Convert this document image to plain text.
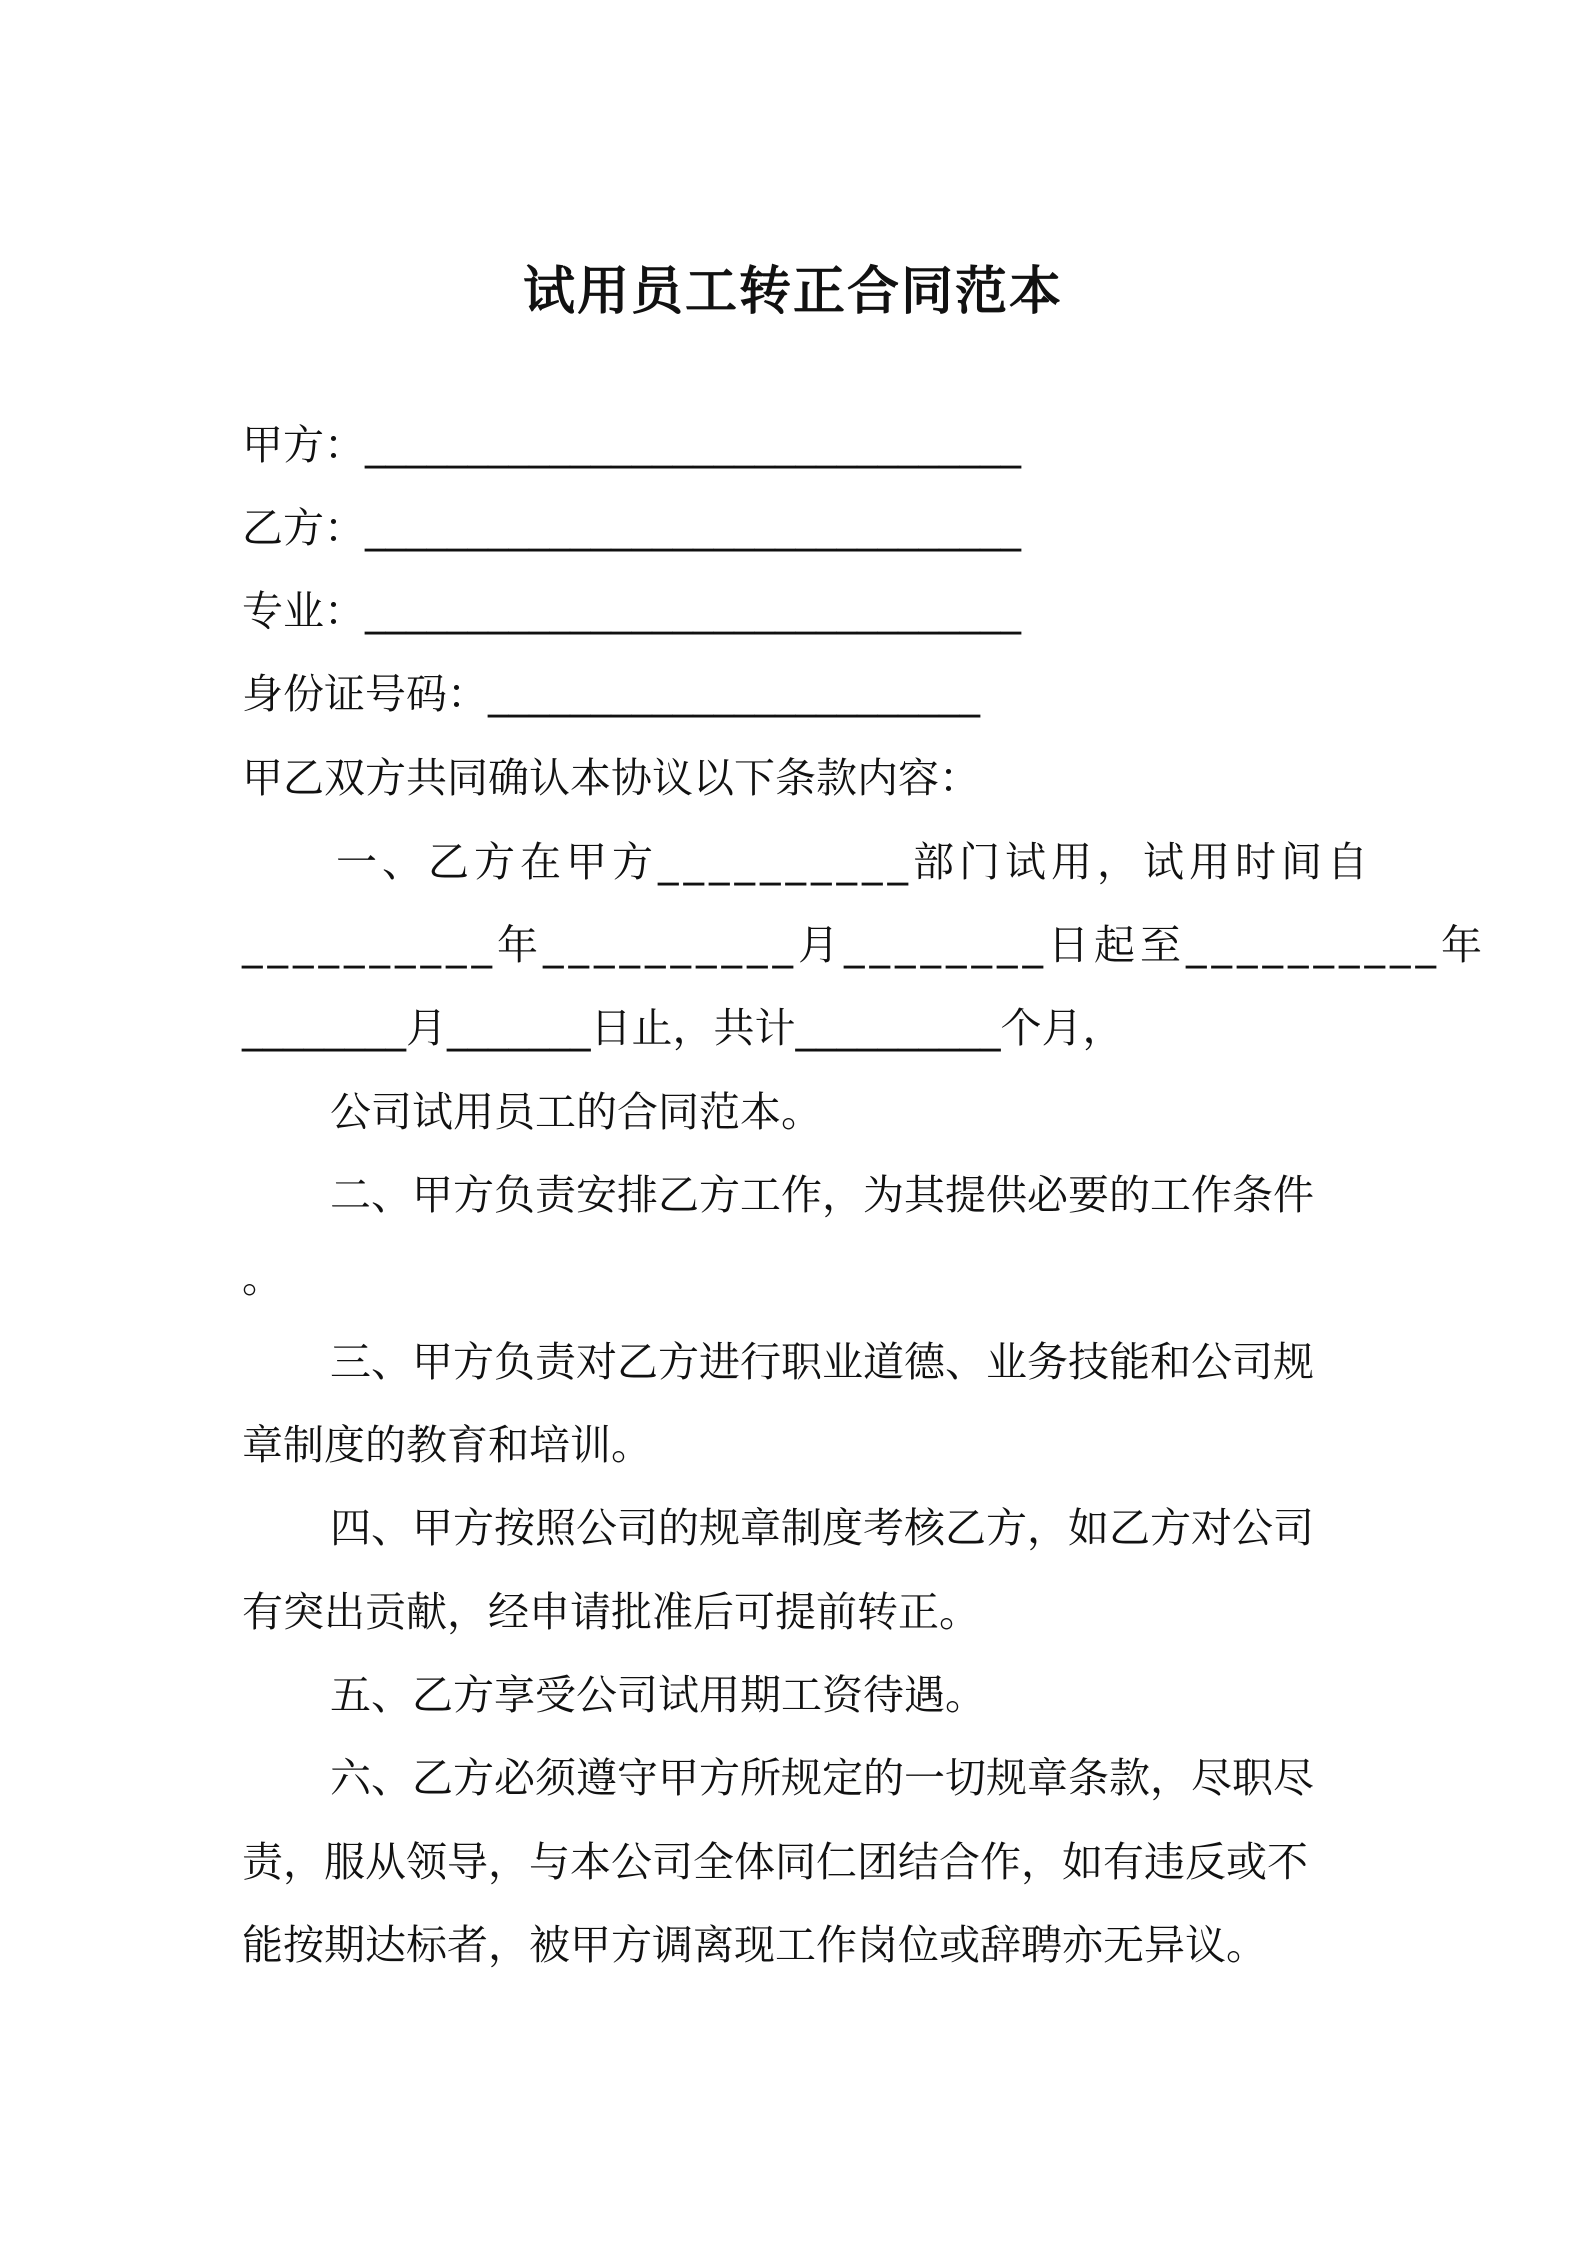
试用员工转正合同范本

甲方：________________________________

乙方：________________________________

专业：________________________________

身份证号码：________________________

甲乙双方共同确认本协议以下条款内容：

一、乙方在甲方__________部门试用，试用时间自

__________年__________月________日起至__________年

________月_______日止，共计__________个月，

公司试用员工的合同范本。

二、甲方负责安排乙方工作，为其提供必要的工作条件

。

三、甲方负责对乙方进行职业道德、业务技能和公司规

章制度的教育和培训。

四、甲方按照公司的规章制度考核乙方，如乙方对公司

有突出贡献，经申请批准后可提前转正。

五、乙方享受公司试用期工资待遇。

六、乙方必须遵守甲方所规定的一切规章条款，尽职尽

责，服从领导，与本公司全体同仁团结合作，如有违反或不

能按期达标者，被甲方调离现工作岗位或辞聘亦无异议。
